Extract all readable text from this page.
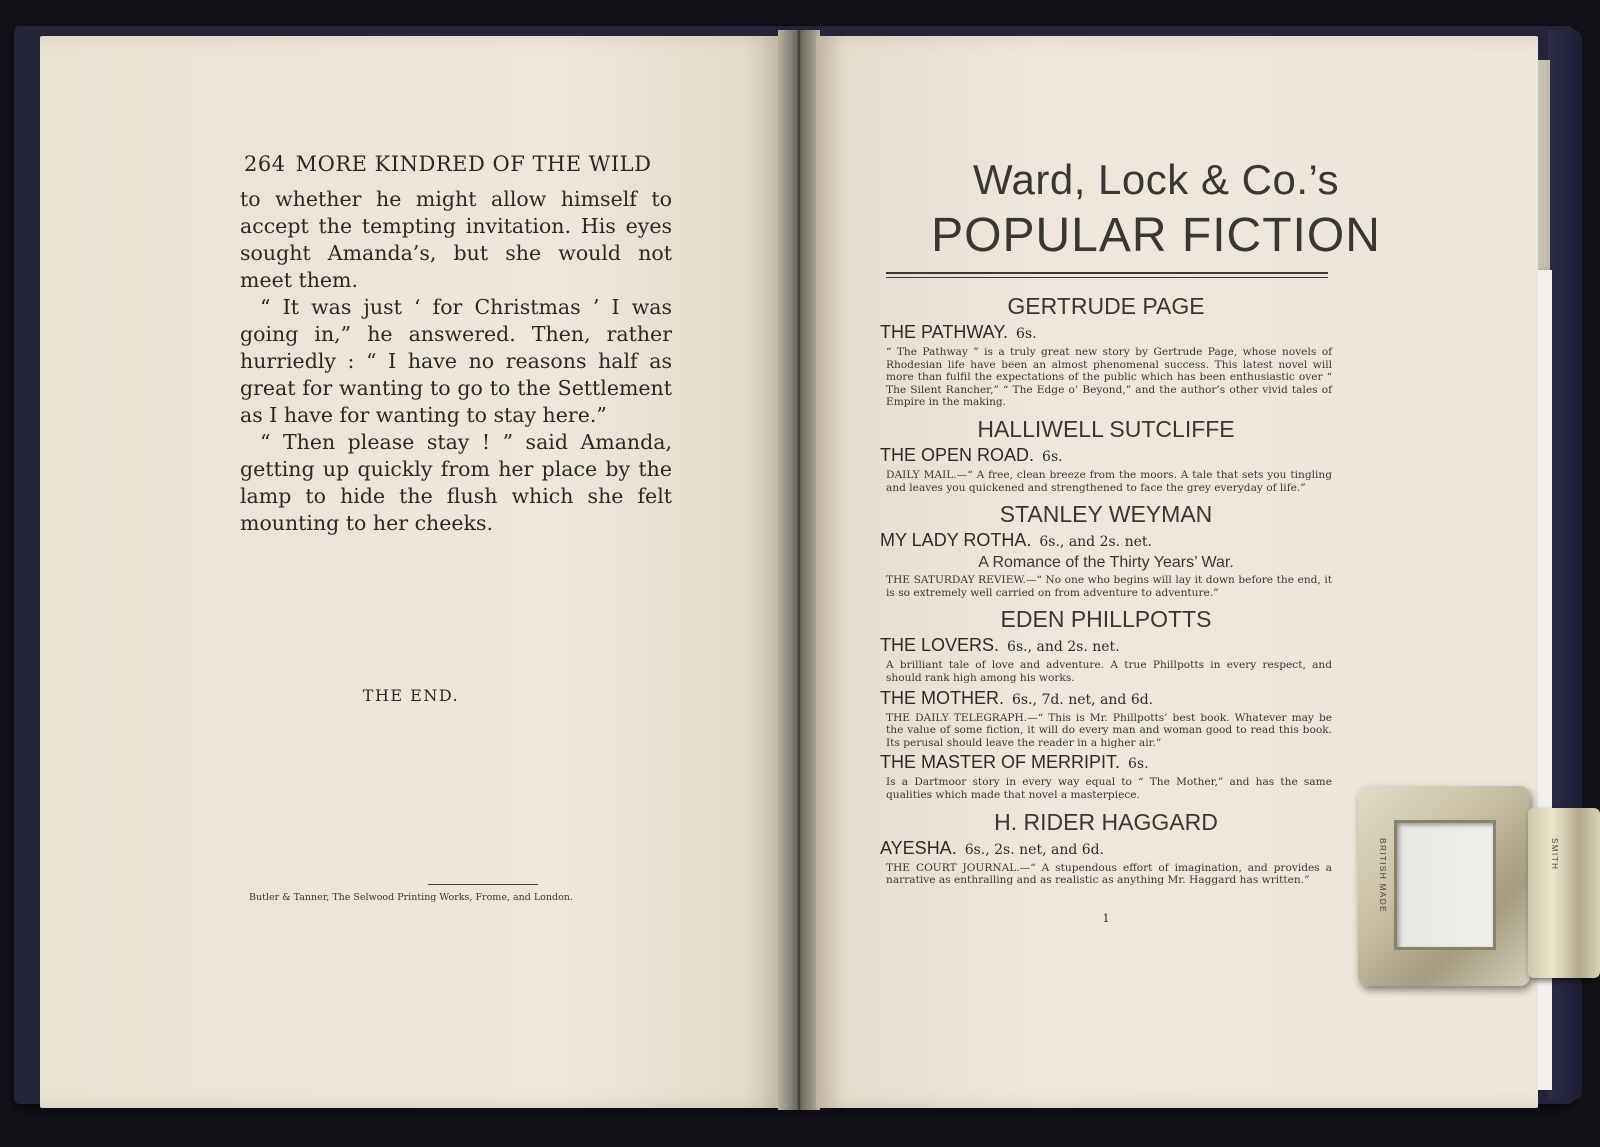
264 MORE KINDRED OF THE WILD

to whether he might allow himself to accept the tempting invitation. His eyes sought Amanda’s, but she would not meet them.

“ It was just ‘ for Christmas ’ I was going in,” he answered. Then, rather hurriedly : “ I have no reasons half as great for wanting to go to the Settlement as I have for wanting to stay here.”

“ Then please stay ! ” said Amanda, getting up quickly from her place by the lamp to hide the flush which she felt mounting to her cheeks.

THE END.
Butler & Tanner, The Selwood Printing Works, Frome, and London.
Ward, Lock & Co.’s
POPULAR FICTION
GERTRUDE PAGE
THE PATHWAY. 6s.
“ The Pathway ” is a truly great new story by Gertrude Page, whose novels of Rhodesian life have been an almost phenomenal success. This latest novel will more than fulfil the expectations of the public which has been enthusiastic over “ The Silent Rancher,” “ The Edge o’ Beyond,” and the author’s other vivid tales of Empire in the making.
HALLIWELL SUTCLIFFE
THE OPEN ROAD. 6s.
DAILY MAIL.—“ A free, clean breeze from the moors. A tale that sets you tingling and leaves you quickened and strengthened to face the grey everyday of life.”
STANLEY WEYMAN
MY LADY ROTHA. 6s., and 2s. net.
A Romance of the Thirty Years’ War.
THE SATURDAY REVIEW.—“ No one who begins will lay it down before the end, it is so extremely well carried on from adventure to adventure.”
EDEN PHILLPOTTS
THE LOVERS. 6s., and 2s. net.
A brilliant tale of love and adventure. A true Phillpotts in every respect, and should rank high among his works.
THE MOTHER. 6s., 7d. net, and 6d.
THE DAILY TELEGRAPH.—“ This is Mr. Phillpotts’ best book. Whatever may be the value of some fiction, it will do every man and woman good to read this book. Its perusal should leave the reader in a higher air.”
THE MASTER OF MERRIPIT. 6s.
Is a Dartmoor story in every way equal to “ The Mother,” and has the same qualities which made that novel a masterpiece.
H. RIDER HAGGARD
AYESHA. 6s., 2s. net, and 6d.
THE COURT JOURNAL.—“ A stupendous effort of imagination, and provides a narrative as enthralling and as realistic as anything Mr. Haggard has written.”
1
BRITISH MADE	SMITH
